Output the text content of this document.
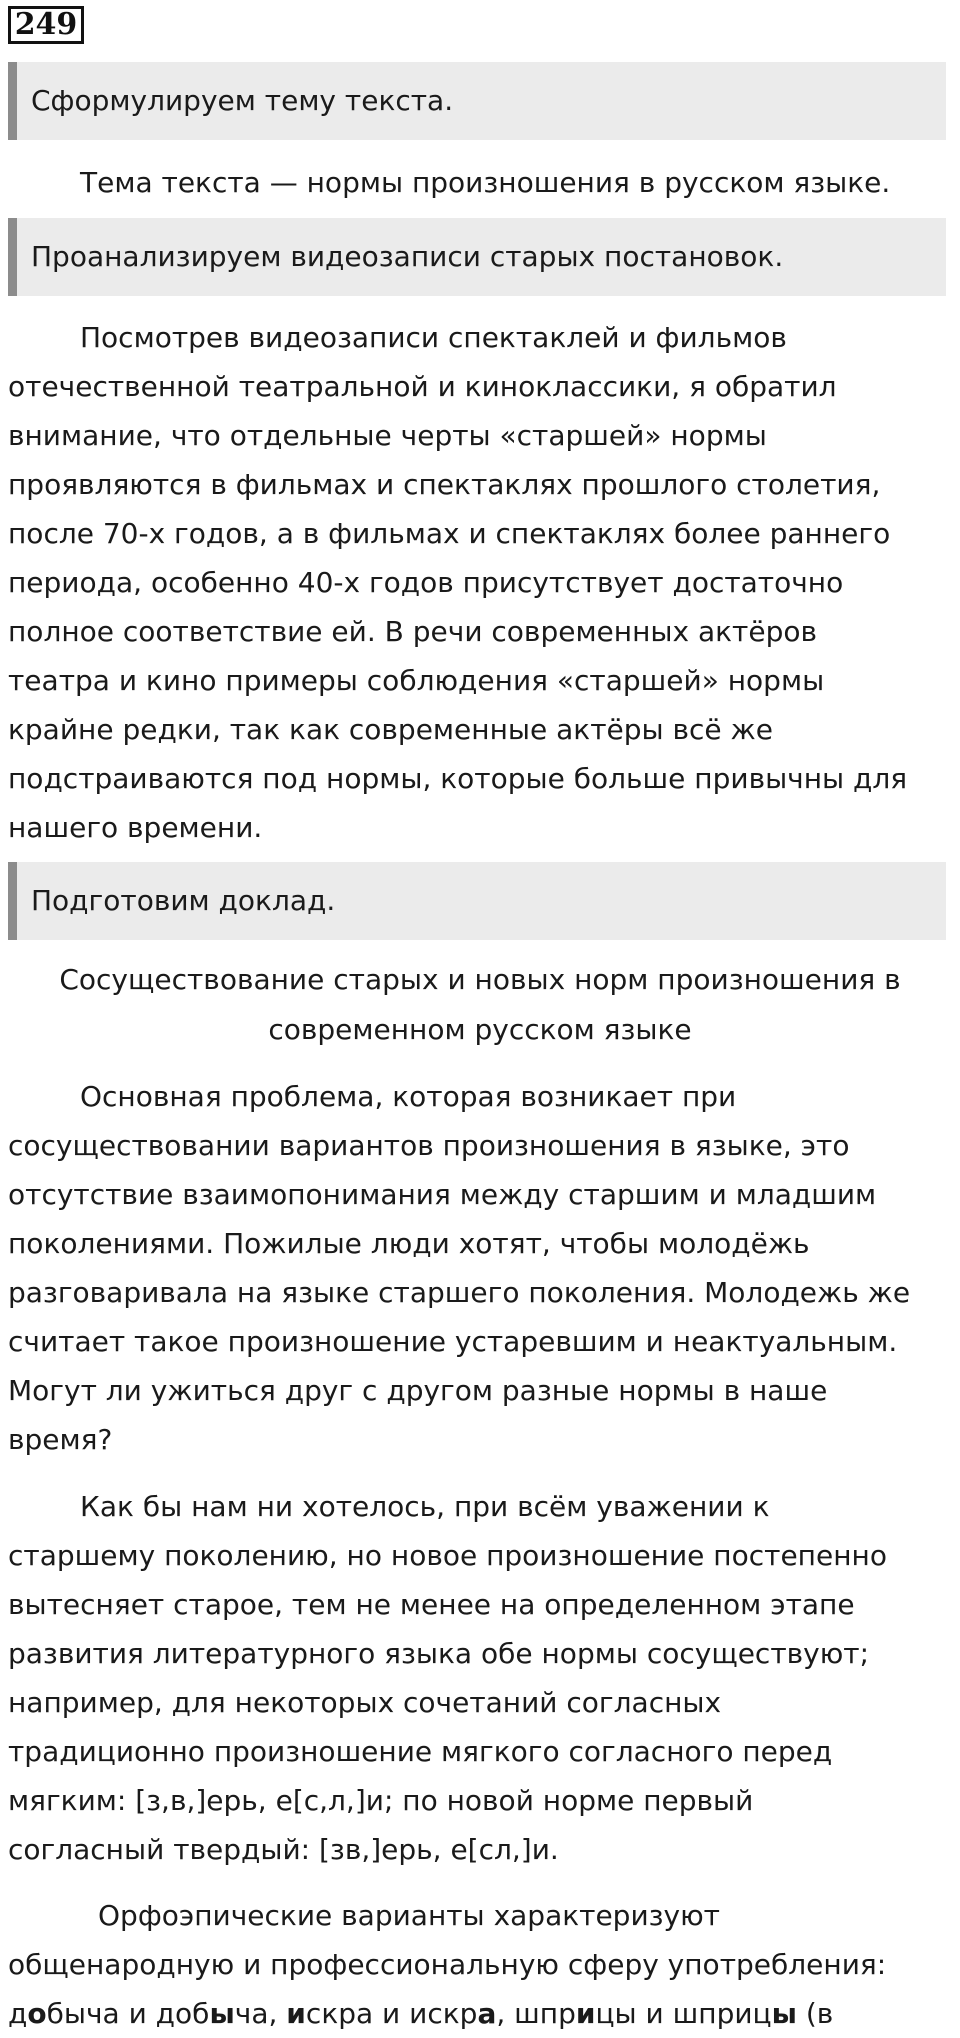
249
Сформулируем тему текста.

Тема текста — нормы произношения в русском языке.

Проанализируем видеозаписи старых постановок.

Посмотрев видеозаписи спектаклей и фильмов
отечественной театральной и киноклассики, я обратил
внимание, что отдельные черты «старшей» нормы
проявляются в фильмах и спектаклях прошлого столетия,
после 70-х годов, а в фильмах и спектаклях более раннего
периода, особенно 40-х годов присутствует достаточно
полное соответствие ей. В речи современных актёров
театра и кино примеры соблюдения «старшей» нормы
крайне редки, так как современные актёры всё же
подстраиваются под нормы, которые больше привычны для
нашего времени.

Подготовим доклад.
Сосуществование старых и новых норм произношения в
современном русском языке

Основная проблема, которая возникает при
сосуществовании вариантов произношения в языке, это
отсутствие взаимопонимания между старшим и младшим
поколениями. Пожилые люди хотят, чтобы молодёжь
разговаривала на языке старшего поколения. Молодежь же
считает такое произношение устаревшим и неактуальным.
Могут ли ужиться друг с другом разные нормы в наше
время?

Как бы нам ни хотелось, при всём уважении к
старшему поколению, но новое произношение постепенно
вытесняет старое, тем не менее на определенном этапе
развития литературного языка обе нормы сосуществуют;
например, для некоторых сочетаний согласных
традиционно произношение мягкого согласного перед
мягким: [з,в,]ерь, е[с,л,]и; по новой норме первый
согласный твердый: [зв,]ерь, е[сл,]и.

Орфоэпические варианты характеризуют
общенародную и профессиональную сферу употребления:
добыча и добыча, искра и искра, шприцы и шприцы (в
